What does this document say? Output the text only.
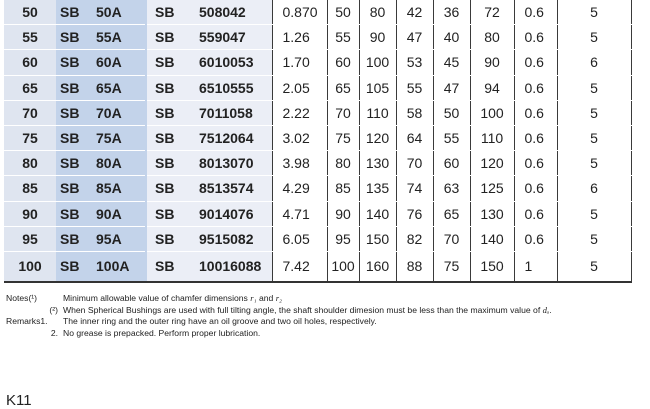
50	SB 50A	SB 508042	0.870	50	80	42	36	72	0.6	5
55	SB 55A	SB 559047	1.26	55	90	47	40	80	0.6	5
60	SB 60A	SB 6010053	1.70	60	100	53	45	90	0.6	6
65	SB 65A	SB 6510555	2.05	65	105	55	47	94	0.6	5
70	SB 70A	SB 7011058	2.22	70	110	58	50	100	0.6	5
75	SB 75A	SB 7512064	3.02	75	120	64	55	110	0.6	5
80	SB 80A	SB 8013070	3.98	80	130	70	60	120	0.6	5
85	SB 85A	SB 8513574	4.29	85	135	74	63	125	0.6	6
90	SB 90A	SB 9014076	4.71	90	140	76	65	130	0.6	5
95	SB 95A	SB 9515082	6.05	95	150	82	70	140	0.6	5
100	SB 100A	SB 10016088	7.42	100	160	88	75	150	1	5
Notes(¹)	Minimum allowable value of chamfer dimensions r₁ and r₂
(²) When Spherical Bushings are used with full tilting angle, the shaft shoulder dimesion must be less than the maximum value of dₐ.
Remarks1.	The inner ring and the outer ring have an oil groove and two oil holes, respectively.
2. No grease is prepacked. Perform proper lubrication.
K11
